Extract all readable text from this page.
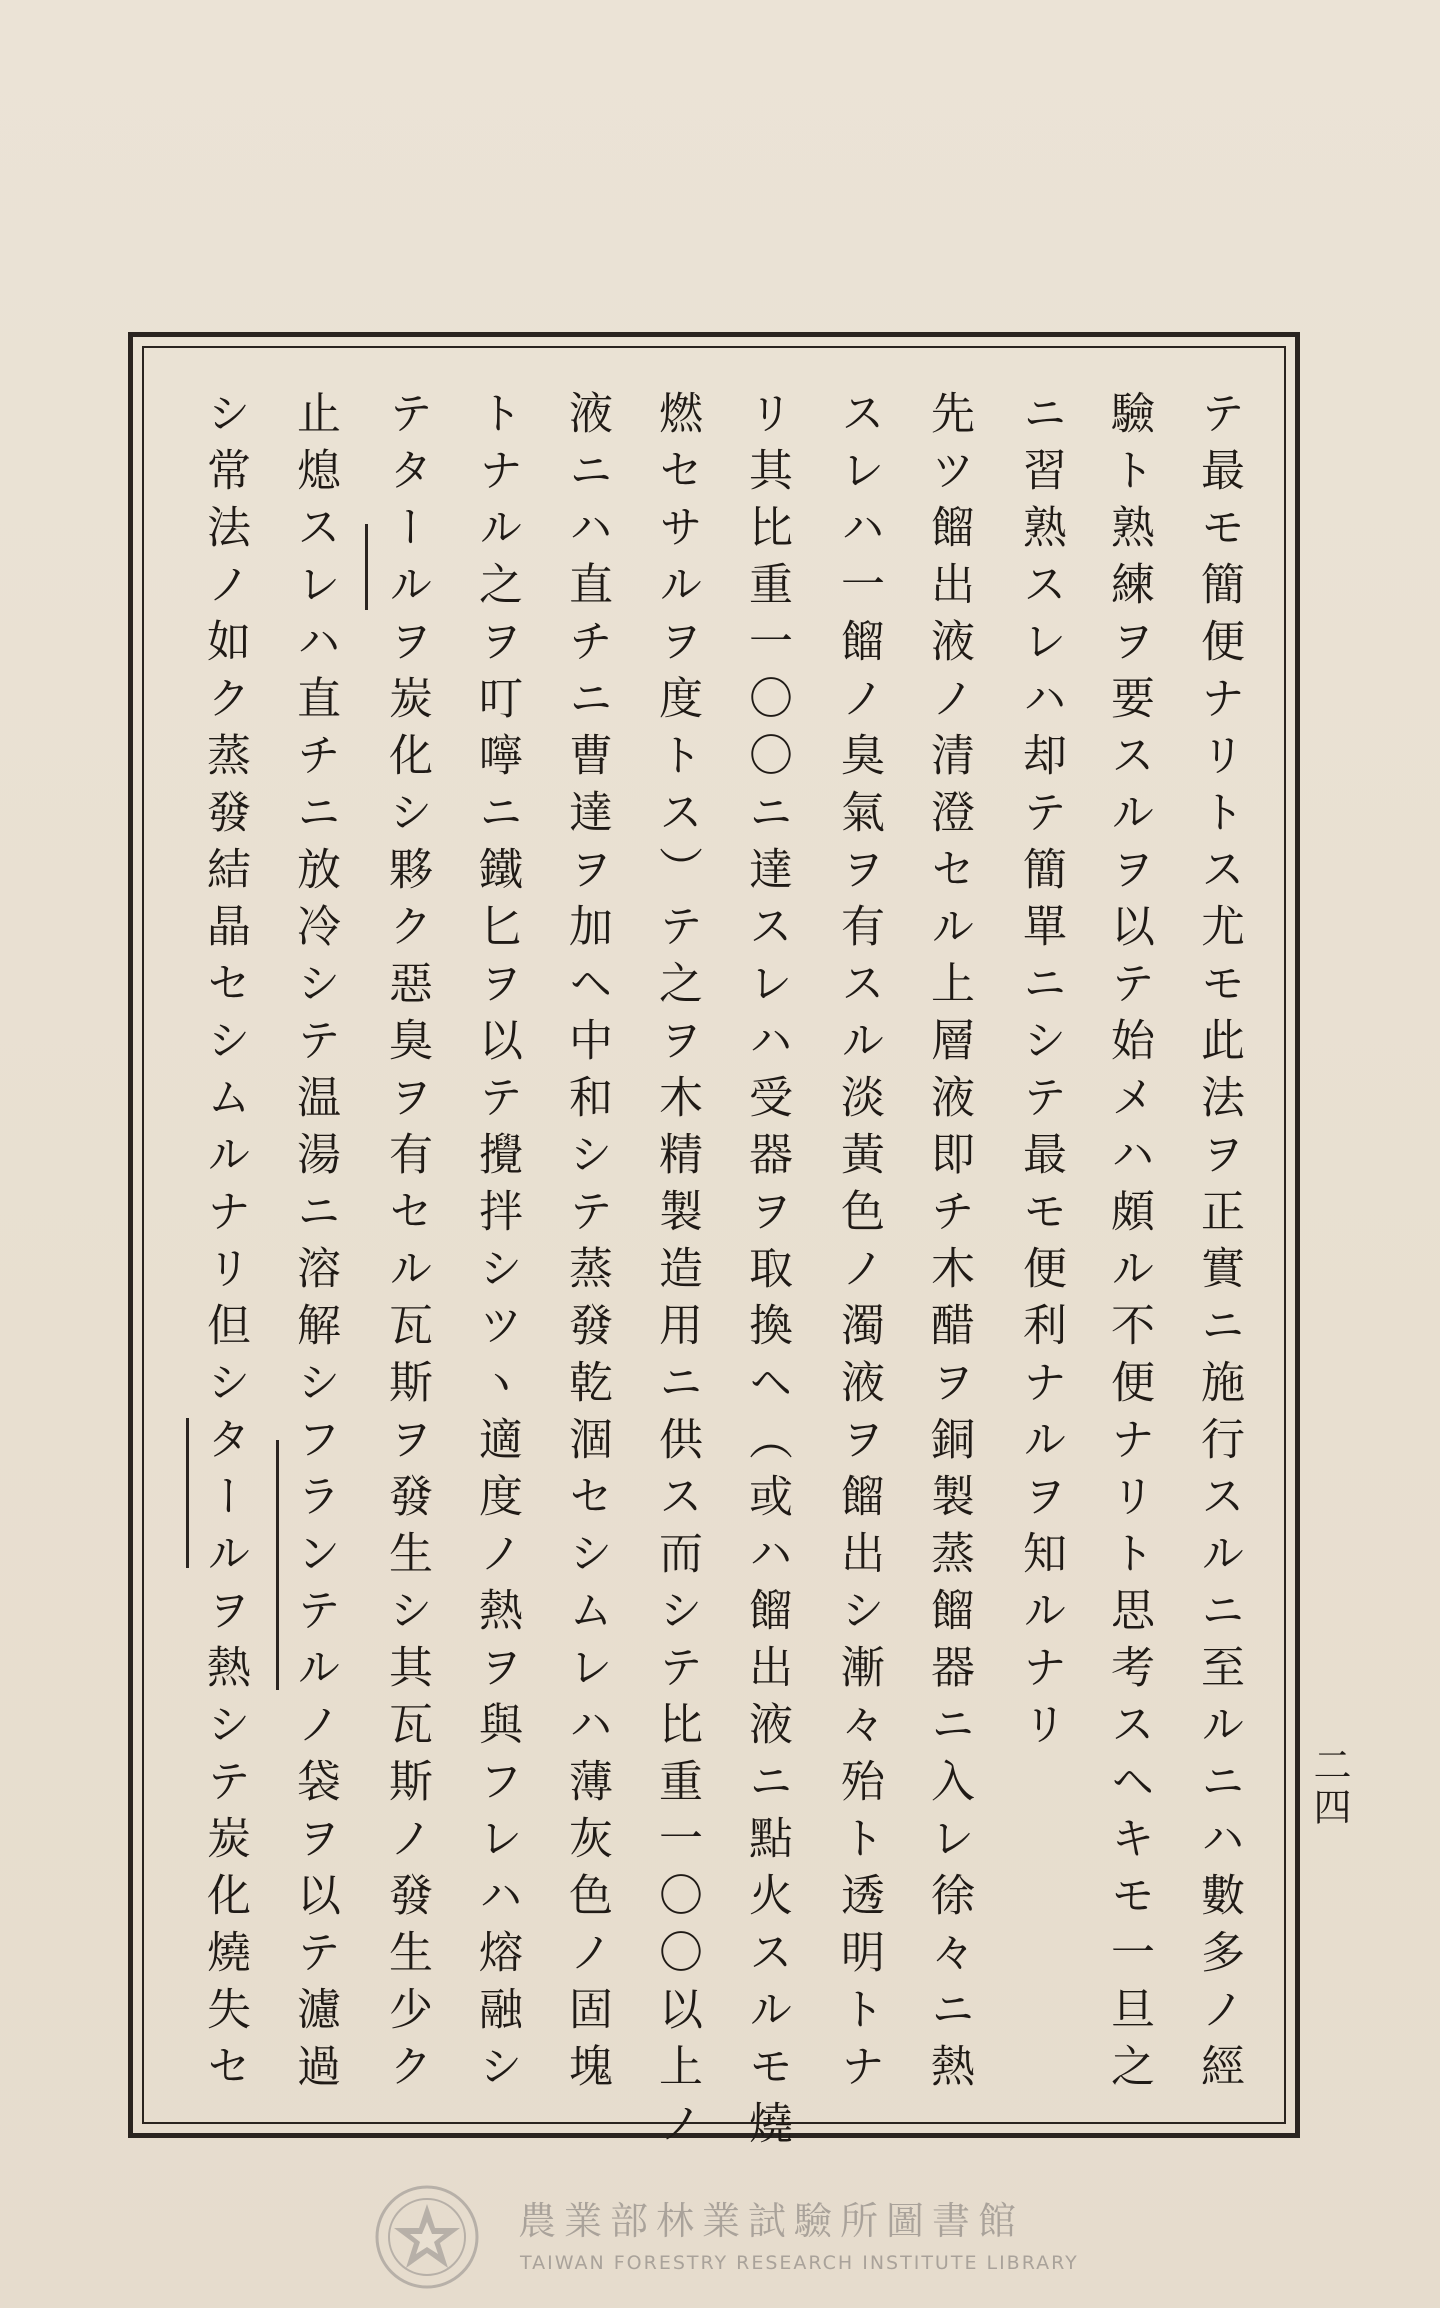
テ最モ簡便ナリトス尤モ此法ヲ正實ニ施行スルニ至ルニハ數多ノ經
驗ト熟練ヲ要スルヲ以テ始メハ頗ル不便ナリト思考スヘキモ一旦之
ニ習熟スレハ却テ簡單ニシテ最モ便利ナルヲ知ルナリ
先ツ餾出液ノ清澄セル上層液即チ木醋ヲ銅製蒸餾器ニ入レ徐々ニ熱
スレハ一餾ノ臭氣ヲ有スル淡黃色ノ濁液ヲ餾出シ漸々殆ト透明トナ
リ其比重一〇〇ニ達スレハ受器ヲ取換ヘ（或ハ餾出液ニ點火スルモ燒
燃セサルヲ度トス）テ之ヲ木精製造用ニ供ス而シテ比重一〇〇以上ノ
液ニハ直チニ曹達ヲ加ヘ中和シテ蒸發乾涸セシムレハ薄灰色ノ固塊
トナル之ヲ叮嚀ニ鐵匕ヲ以テ攪拌シツヽ適度ノ熱ヲ與フレハ熔融シ
テタールヲ炭化シ夥ク惡臭ヲ有セル瓦斯ヲ發生シ其瓦斯ノ發生少ク
止熄スレハ直チニ放冷シテ温湯ニ溶解シフランテルノ袋ヲ以テ濾過
シ常法ノ如ク蒸發結晶セシムルナリ但シタールヲ熱シテ炭化燒失セ	二四
農業部林業試驗所圖書館
TAIWAN FORESTRY RESEARCH INSTITUTE LIBRARY
